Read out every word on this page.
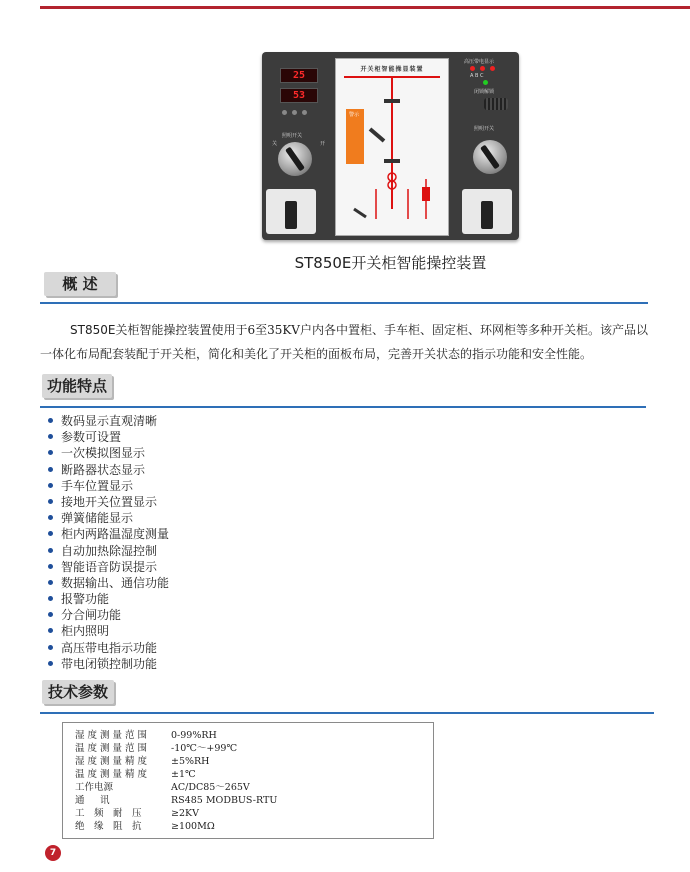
25
53
照明开关
关	开
开关柜智能操显装置
警示
高压带电显示
A B C
闭锁解锁
照明开关
ST850E开关柜智能操控装置
概 述

ST850E关柜智能操控装置使用于6至35KV户内各中置柜、手车柜、固定柜、环网柜等多种开关柜。该产品以

一体化布局配套装配于开关柜，简化和美化了开关柜的面板布局，完善开关状态的指示功能和安全性能。

功能特点
数码显示直观清晰
参数可设置
一次模拟图显示
断路器状态显示
手车位置显示
接地开关位置显示
弹簧储能显示
柜内两路温湿度测量
自动加热除湿控制
智能语音防误提示
数据输出、通信功能
报警功能
分合闸功能
柜内照明
高压带电指示功能
带电闭锁控制功能
技术参数
湿度测量范围 0-99%RH
温度测量范围 -10℃～+99℃
湿度测量精度 ±5%RH
温度测量精度 ±1℃
工作电源	AC/DC85～265V
通　讯	RS485 MODBUS-RTU
工　频　耐　压	≥2KV
绝　缘　阻　抗	≥100MΩ
7
